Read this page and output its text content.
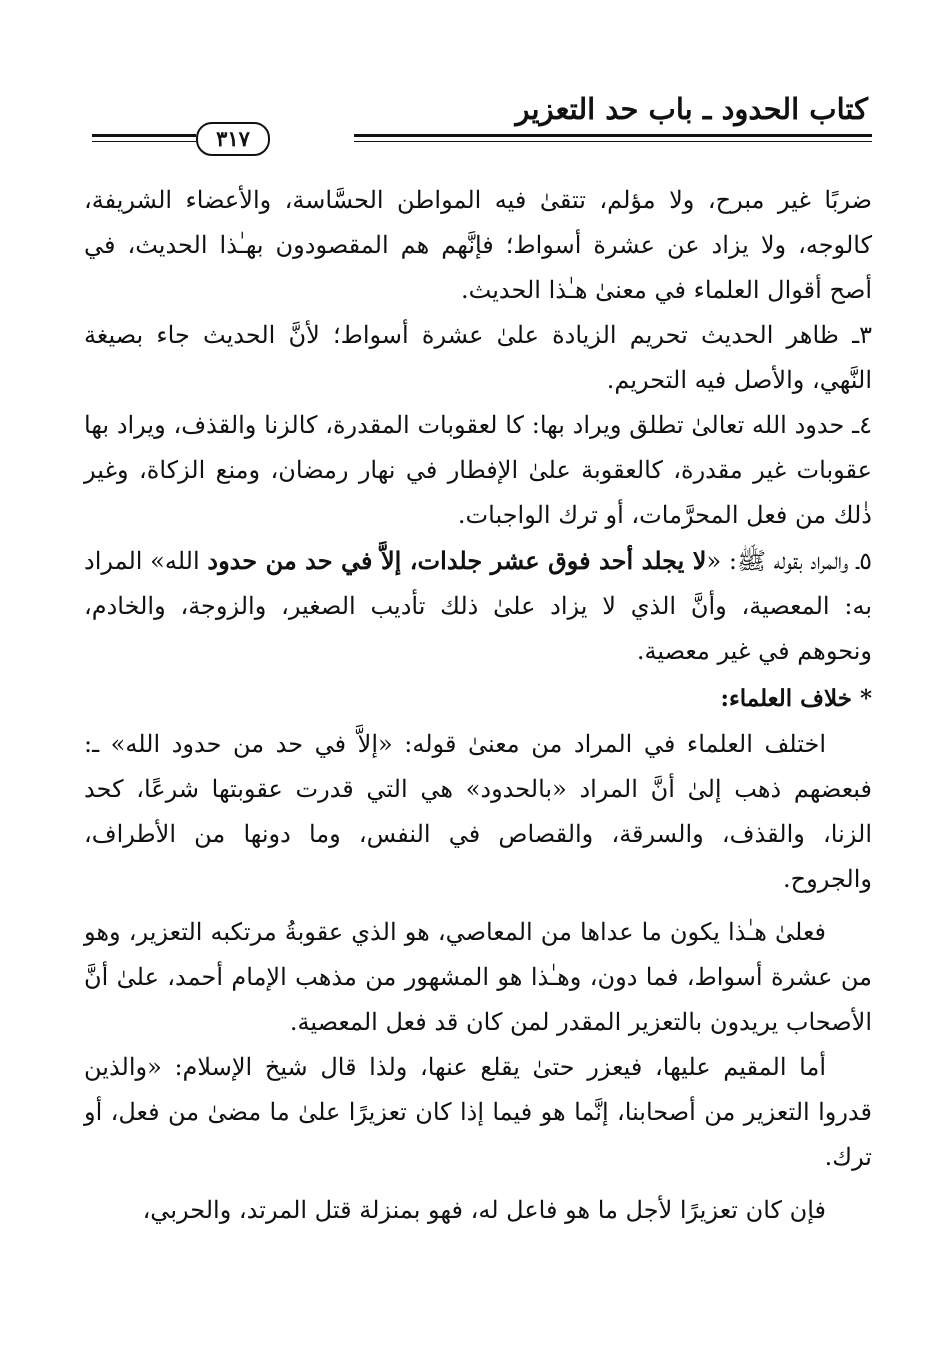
كتاب الحدود ـ باب حد التعزير
٣١٧

ضربًا غير مبرح، ولا مؤلم، تتقىٰ فيه المواطن الحسَّاسة، والأعضاء الشريفة، كالوجه، ولا يزاد عن عشرة أسواط؛ فإنَّهم هم المقصودون بهـٰذا الحديث، في أصح أقوال العلماء في معنىٰ هـٰذا الحديث.

٣ـ ظاهر الحديث تحريم الزيادة علىٰ عشرة أسواط؛ لأنَّ الحديث جاء بصيغة النَّهي، والأصل فيه التحريم.

٤ـ حدود الله تعالىٰ تطلق ويراد بها: كا لعقوبات المقدرة، كالزنا والقذف، ويراد بها عقوبات غير مقدرة، كالعقوبة علىٰ الإفطار في نهار رمضان، ومنع الزكاة، وغير ذٰلك من فعل المحرَّمات، أو ترك الواجبات.

٥ـ والمراد بقوله ﷺ: «لا يجلد أحد فوق عشر جلدات، إلاَّ في حد من حدود الله» المراد به: المعصية، وأنَّ الذي لا يزاد علىٰ ذلك تأديب الصغير، والزوجة، والخادم، ونحوهم في غير معصية.

* خلاف العلماء:

اختلف العلماء في المراد من معنىٰ قوله: «إلاَّ في حد من حدود الله» ـ: فبعضهم ذهب إلىٰ أنَّ المراد «بالحدود» هي التي قدرت عقوبتها شرعًا، كحد الزنا، والقذف، والسرقة، والقصاص في النفس، وما دونها من الأطراف، والجروح.

فعلىٰ هـٰذا يكون ما عداها من المعاصي، هو الذي عقوبةُ مرتكبه التعزير، وهو من عشرة أسواط، فما دون، وهـٰذا هو المشهور من مذهب الإمام أحمد، علىٰ أنَّ الأصحاب يريدون بالتعزير المقدر لمن كان قد فعل المعصية.

أما المقيم عليها، فيعزر حتىٰ يقلع عنها، ولذا قال شيخ الإسلام: «والذين قدروا التعزير من أصحابنا، إنَّما هو فيما إذا كان تعزيرًا علىٰ ما مضىٰ من فعل، أو ترك.

فإن كان تعزيرًا لأجل ما هو فاعل له، فهو بمنزلة قتل المرتد، والحربي،
